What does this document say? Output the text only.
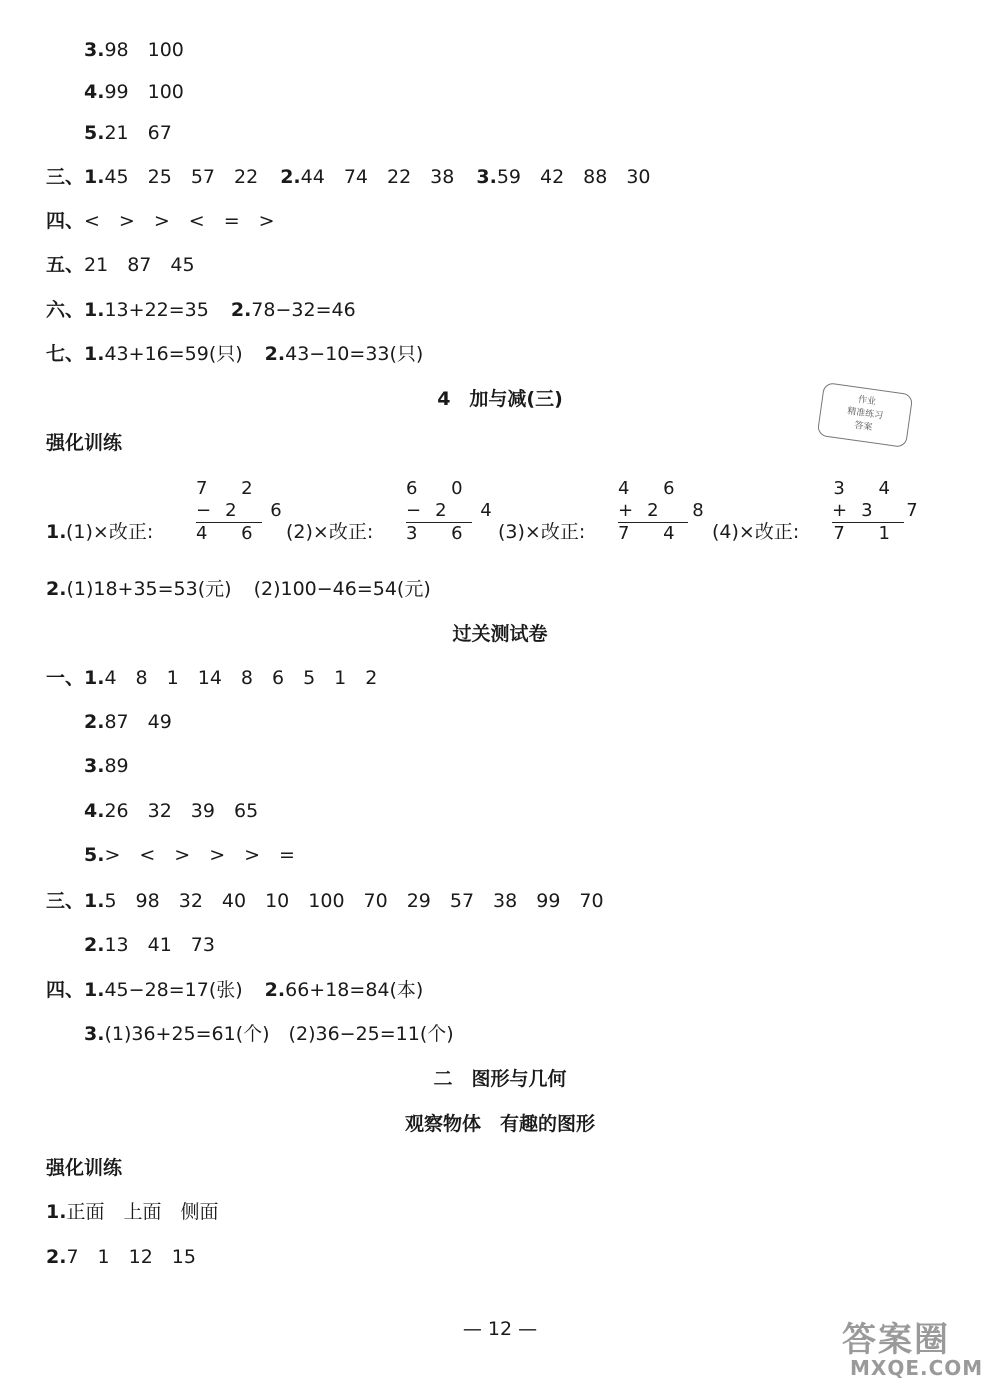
3.98　100
4.99　100
5.21　67
三、1.45　25　57　22 2.44　74　22　38 3.59　42　88　30
四、<　>　>　<　=　>
五、21　87　45
六、1.13+22=35 2.78−32=46
七、1.43+16=59(只) 2.43−10=33(只)
4　加与减(三)	作业
精准练习
答案
强化训练
1. (1)×改正:
7 2
−2 6
4 6 (2)×改正:
6 0
−2 4
3 6 (3)×改正:
4 6
+2 8
7 4 (4)×改正:
3 4
+3 7
7 1
2.(1)18+35=53(元) (2)100−46=54(元)
过关测试卷
一、1.4　8　1　14　8　6　5　1　2
2.87　49
3.89
4.26　32　39　65
5.>　<　>　>　>　=
三、1.5　98　32　40　10　100　70　29　57　38　99　70
2.13　41　73
四、1.45−28=17(张) 2.66+18=84(本)
3.(1)36+25=61(个)　(2)36−25=11(个)
二　图形与几何
观察物体　有趣的图形
强化训练
1.正面　上面　侧面
2.7　1　12　15
— 12 —	答案圈
MXQE.COM
